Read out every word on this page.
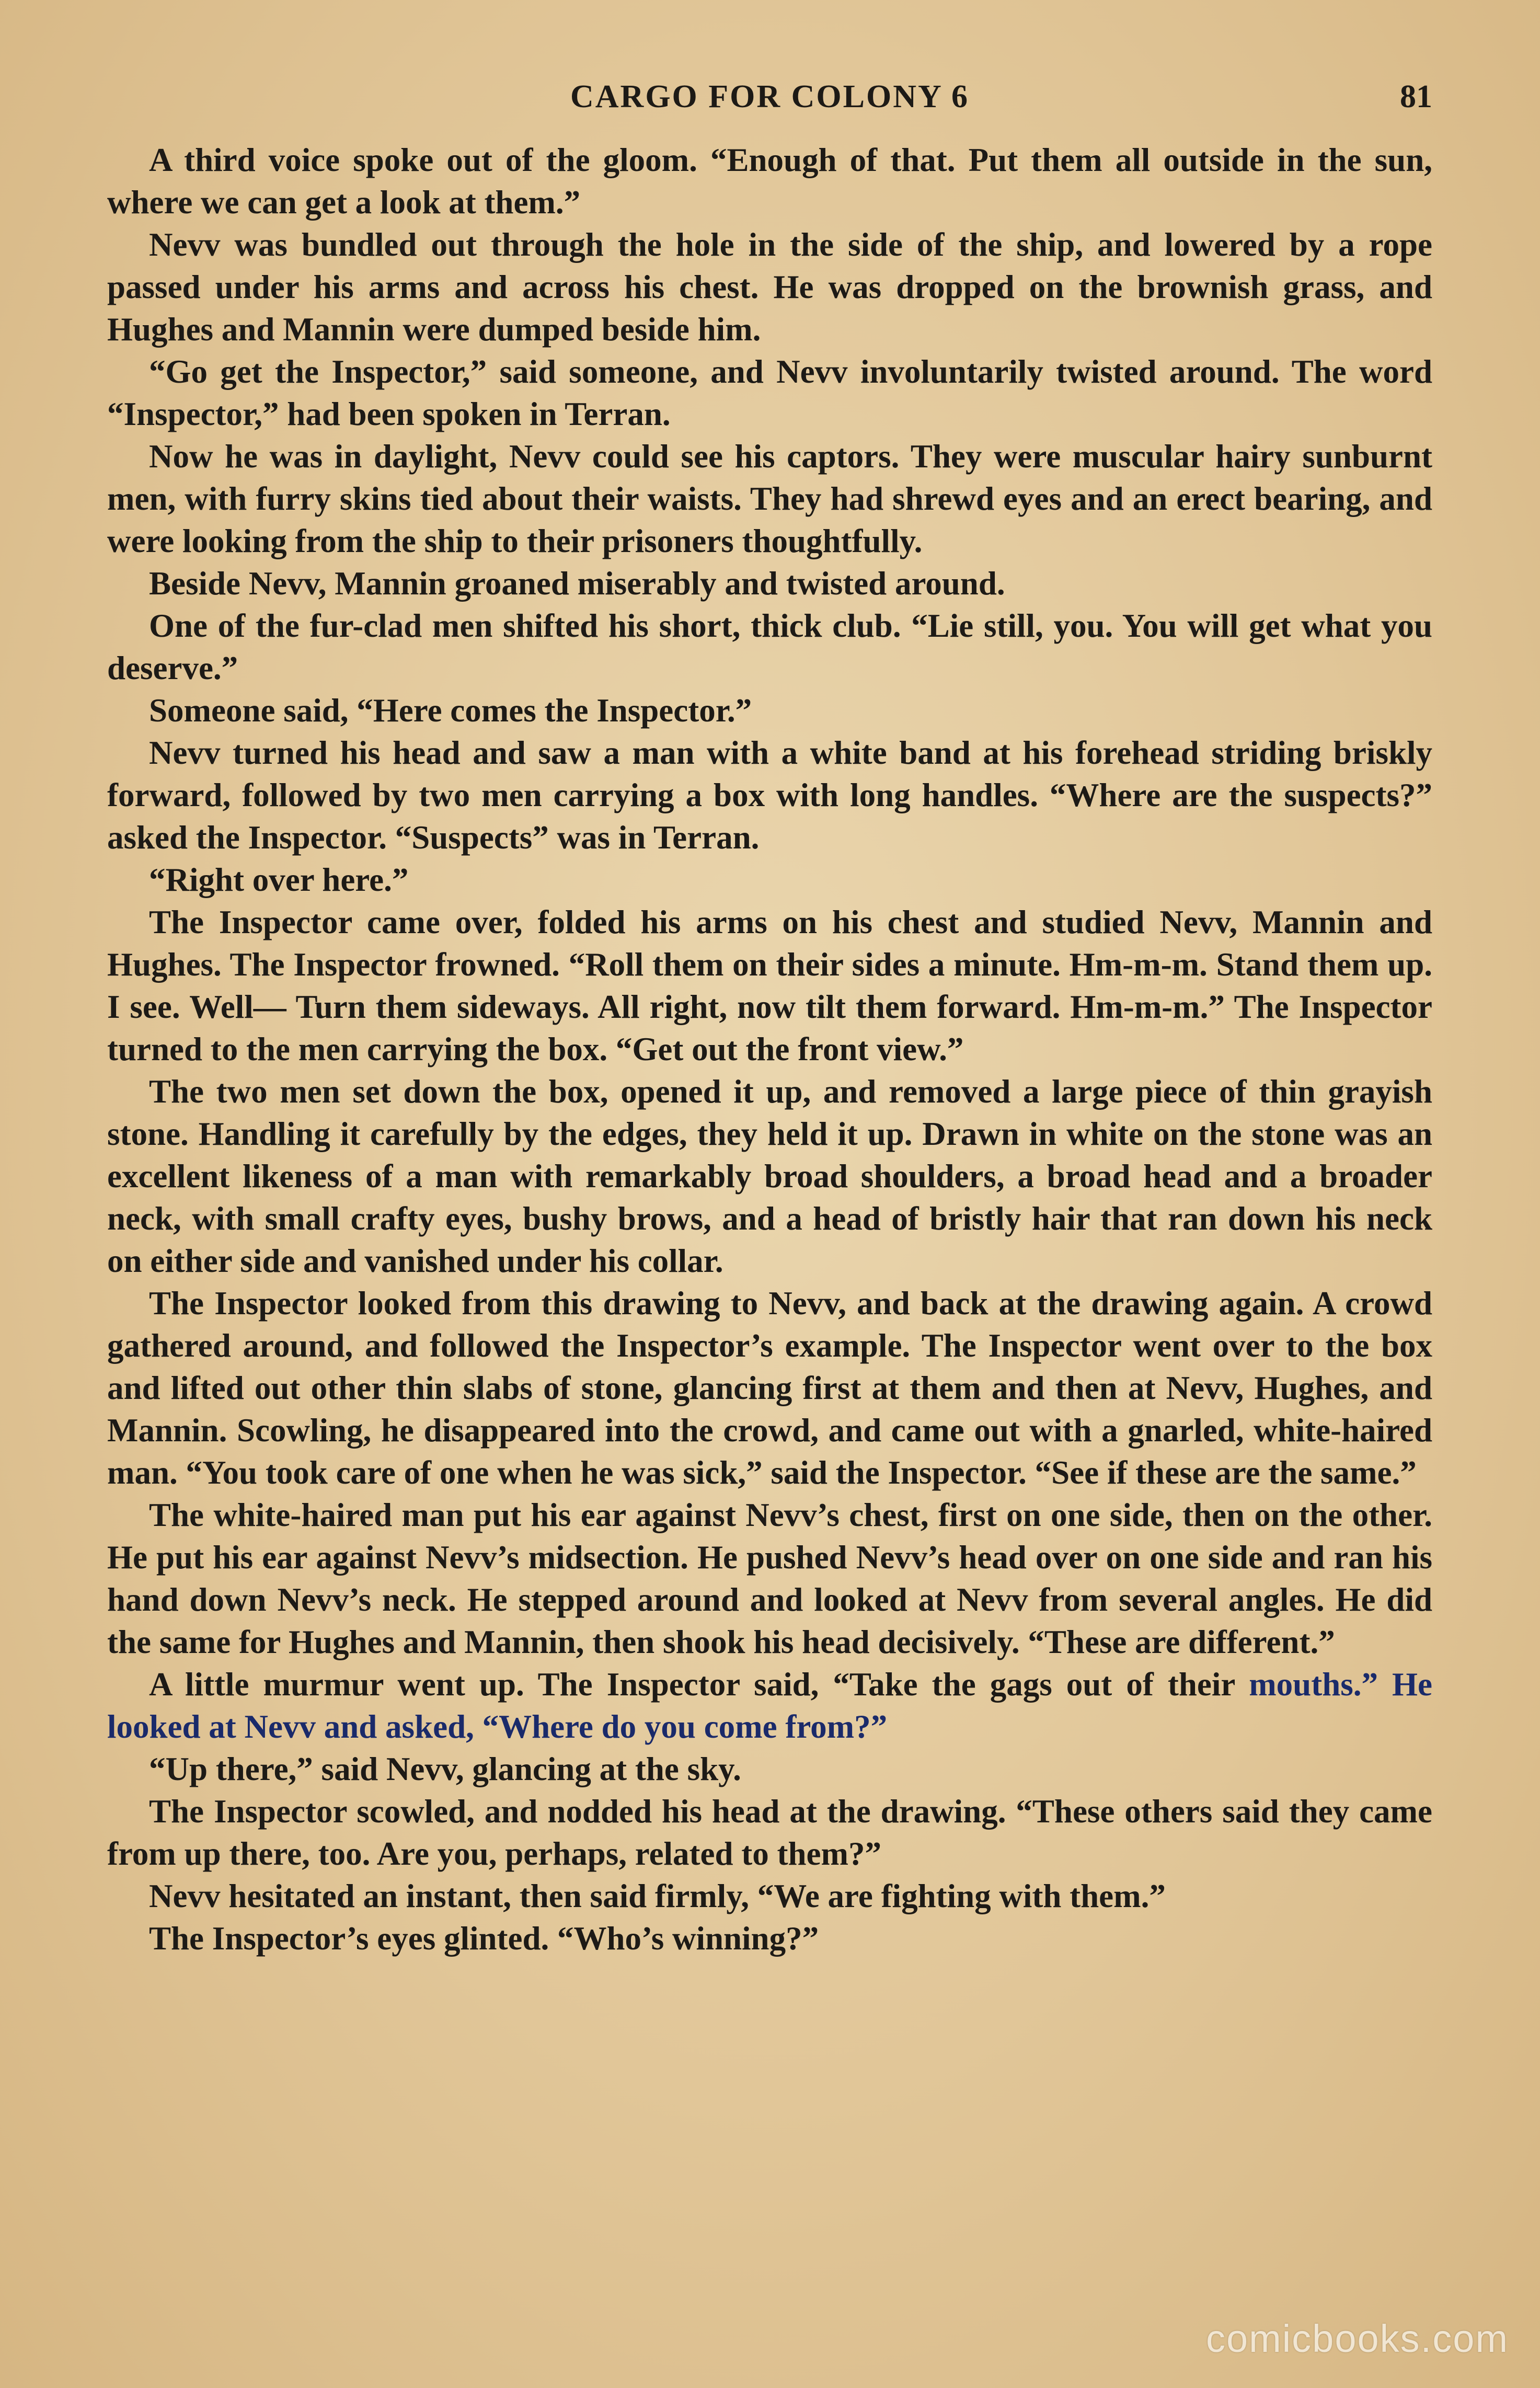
CARGO FOR COLONY 6	81

A third voice spoke out of the gloom. “Enough of that. Put them all outside in the sun, where we can get a look at them.”

Nevv was bundled out through the hole in the side of the ship, and lowered by a rope passed under his arms and across his chest. He was dropped on the brownish grass, and Hughes and Mannin were dumped beside him.

“Go get the Inspector,” said someone, and Nevv involuntarily twisted around. The word “Inspector,” had been spoken in Terran.

Now he was in daylight, Nevv could see his captors. They were muscular hairy sunburnt men, with furry skins tied about their waists. They had shrewd eyes and an erect bearing, and were looking from the ship to their prisoners thoughtfully.

Beside Nevv, Mannin groaned miserably and twisted around.

One of the fur-clad men shifted his short, thick club. “Lie still, you. You will get what you deserve.”

Someone said, “Here comes the Inspector.”

Nevv turned his head and saw a man with a white band at his forehead striding briskly forward, followed by two men carrying a box with long handles. “Where are the suspects?” asked the Inspector. “Suspects” was in Terran.

“Right over here.”

The Inspector came over, folded his arms on his chest and studied Nevv, Mannin and Hughes. The Inspector frowned. “Roll them on their sides a minute. Hm-m-m. Stand them up. I see. Well— Turn them sideways. All right, now tilt them forward. Hm-m-m.” The Inspector turned to the men carrying the box. “Get out the front view.”

The two men set down the box, opened it up, and removed a large piece of thin grayish stone. Handling it carefully by the edges, they held it up. Drawn in white on the stone was an excellent likeness of a man with remarkably broad shoulders, a broad head and a broader neck, with small crafty eyes, bushy brows, and a head of bristly hair that ran down his neck on either side and vanished under his collar.

The Inspector looked from this drawing to Nevv, and back at the drawing again. A crowd gathered around, and followed the Inspector’s example. The Inspector went over to the box and lifted out other thin slabs of stone, glancing first at them and then at Nevv, Hughes, and Mannin. Scowling, he disappeared into the crowd, and came out with a gnarled, white-haired man. “You took care of one when he was sick,” said the Inspector. “See if these are the same.”

The white-haired man put his ear against Nevv’s chest, first on one side, then on the other. He put his ear against Nevv’s midsection. He pushed Nevv’s head over on one side and ran his hand down Nevv’s neck. He stepped around and looked at Nevv from several angles. He did the same for Hughes and Mannin, then shook his head decisively. “These are different.”

A little murmur went up. The Inspector said, “Take the gags out of their mouths.” He looked at Nevv and asked, “Where do you come from?”

“Up there,” said Nevv, glancing at the sky.

The Inspector scowled, and nodded his head at the drawing. “These others said they came from up there, too. Are you, perhaps, related to them?”

Nevv hesitated an instant, then said firmly, “We are fighting with them.”

The Inspector’s eyes glinted. “Who’s winning?”

comicbooks.com
